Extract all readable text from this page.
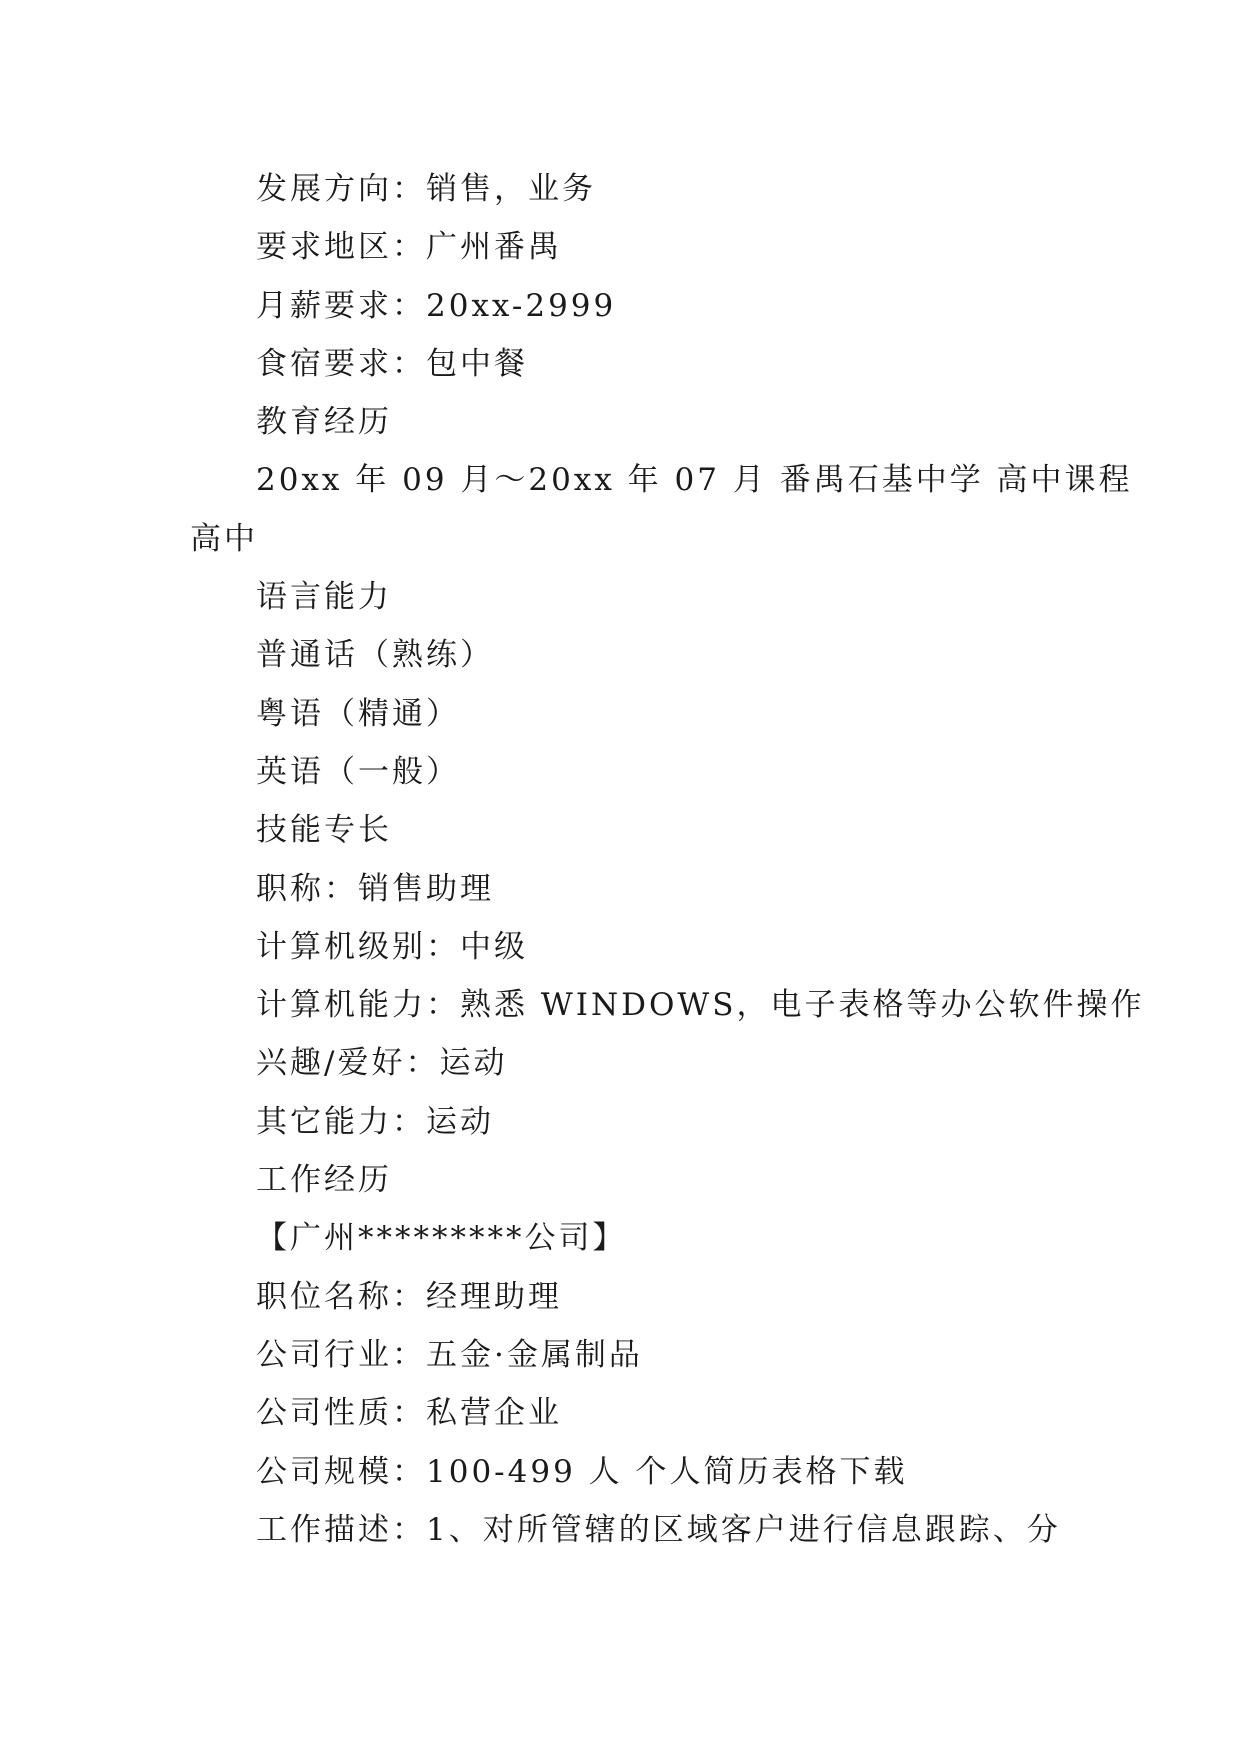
发展方向：销售，业务

要求地区：广州番禺

月薪要求：20xx-2999

食宿要求：包中餐

教育经历

20xx 年 09 月～20xx 年 07 月 番禺石基中学 高中课程

高中

语言能力

普通话（熟练）

粤语（精通）

英语（一般）

技能专长

职称：销售助理

计算机级别：中级

计算机能力：熟悉 WINDOWS，电子表格等办公软件操作

兴趣/爱好：运动

其它能力：运动

工作经历

【广州*********公司】

职位名称：经理助理

公司行业：五金·金属制品

公司性质：私营企业

公司规模：100-499 人 个人简历表格下载

工作描述：1、对所管辖的区域客户进行信息跟踪、分
